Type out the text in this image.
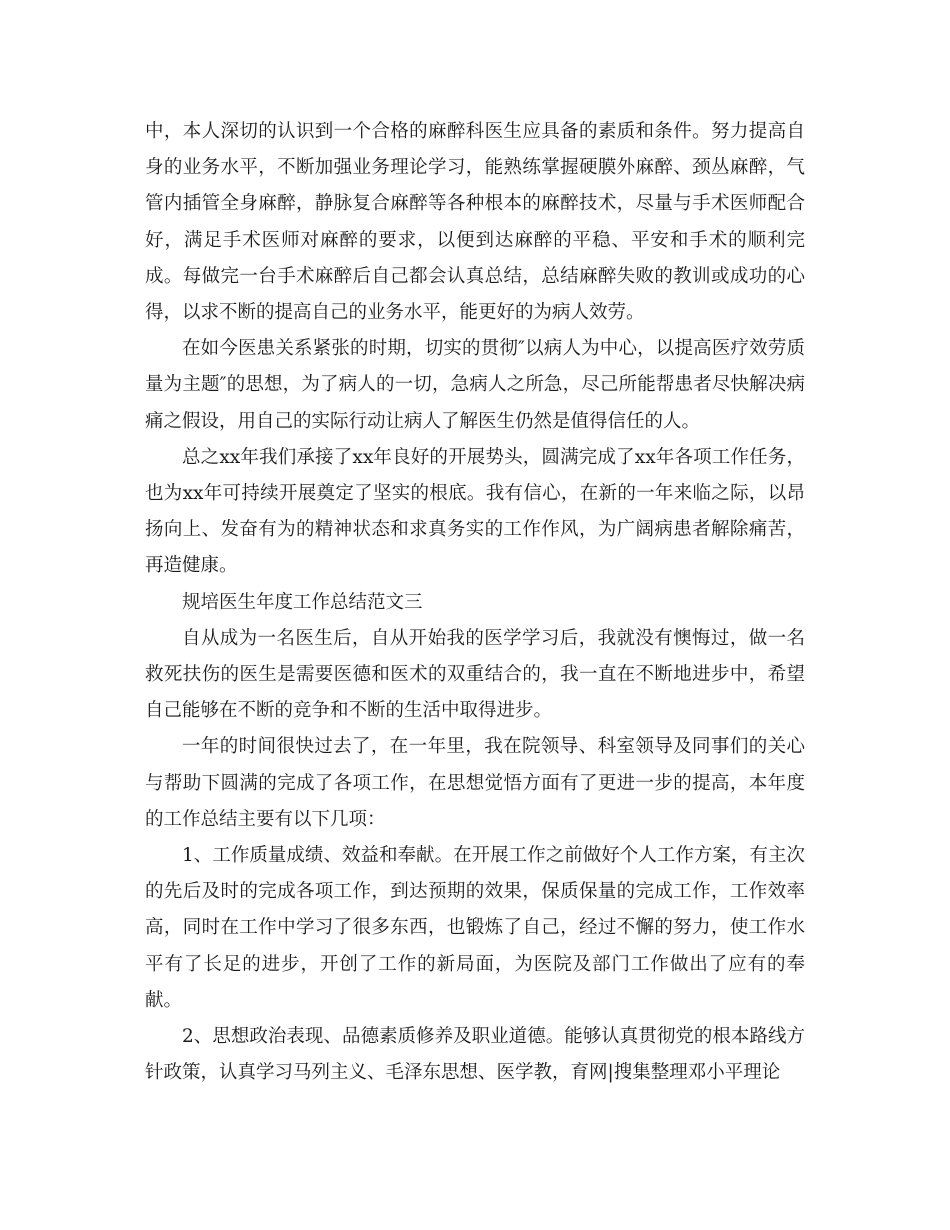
中，本人深切的认识到一个合格的麻醉科医生应具备的素质和条件。努力提高自身的业务水平，不断加强业务理论学习，能熟练掌握硬膜外麻醉、颈丛麻醉，气管内插管全身麻醉，静脉复合麻醉等各种根本的麻醉技术，尽量与手术医师配合好，满足手术医师对麻醉的要求，以便到达麻醉的平稳、平安和手术的顺利完成。每做完一台手术麻醉后自己都会认真总结，总结麻醉失败的教训或成功的心得，以求不断的提高自己的业务水平，能更好的为病人效劳。

在如今医患关系紧张的时期，切实的贯彻″以病人为中心，以提高医疗效劳质量为主题″的思想，为了病人的一切，急病人之所急，尽己所能帮患者尽快解决病痛之假设，用自己的实际行动让病人了解医生仍然是值得信任的人。

总之xx年我们承接了xx年良好的开展势头，圆满完成了xx年各项工作任务，也为xx年可持续开展奠定了坚实的根底。我有信心，在新的一年来临之际，以昂扬向上、发奋有为的精神状态和求真务实的工作作风，为广阔病患者解除痛苦，再造健康。

规培医生年度工作总结范文三

自从成为一名医生后，自从开始我的医学学习后，我就没有懊悔过，做一名救死扶伤的医生是需要医德和医术的双重结合的，我一直在不断地进步中，希望自己能够在不断的竞争和不断的生活中取得进步。

一年的时间很快过去了，在一年里，我在院领导、科室领导及同事们的关心与帮助下圆满的完成了各项工作，在思想觉悟方面有了更进一步的提高，本年度的工作总结主要有以下几项：

1、工作质量成绩、效益和奉献。在开展工作之前做好个人工作方案，有主次的先后及时的完成各项工作，到达预期的效果，保质保量的完成工作，工作效率高，同时在工作中学习了很多东西，也锻炼了自己，经过不懈的努力，使工作水平有了长足的进步，开创了工作的新局面，为医院及部门工作做出了应有的奉献。

2、思想政治表现、品德素质修养及职业道德。能够认真贯彻党的根本路线方针政策，认真学习马列主义、毛泽东思想、医学教，育网|搜集整理邓小平理论
